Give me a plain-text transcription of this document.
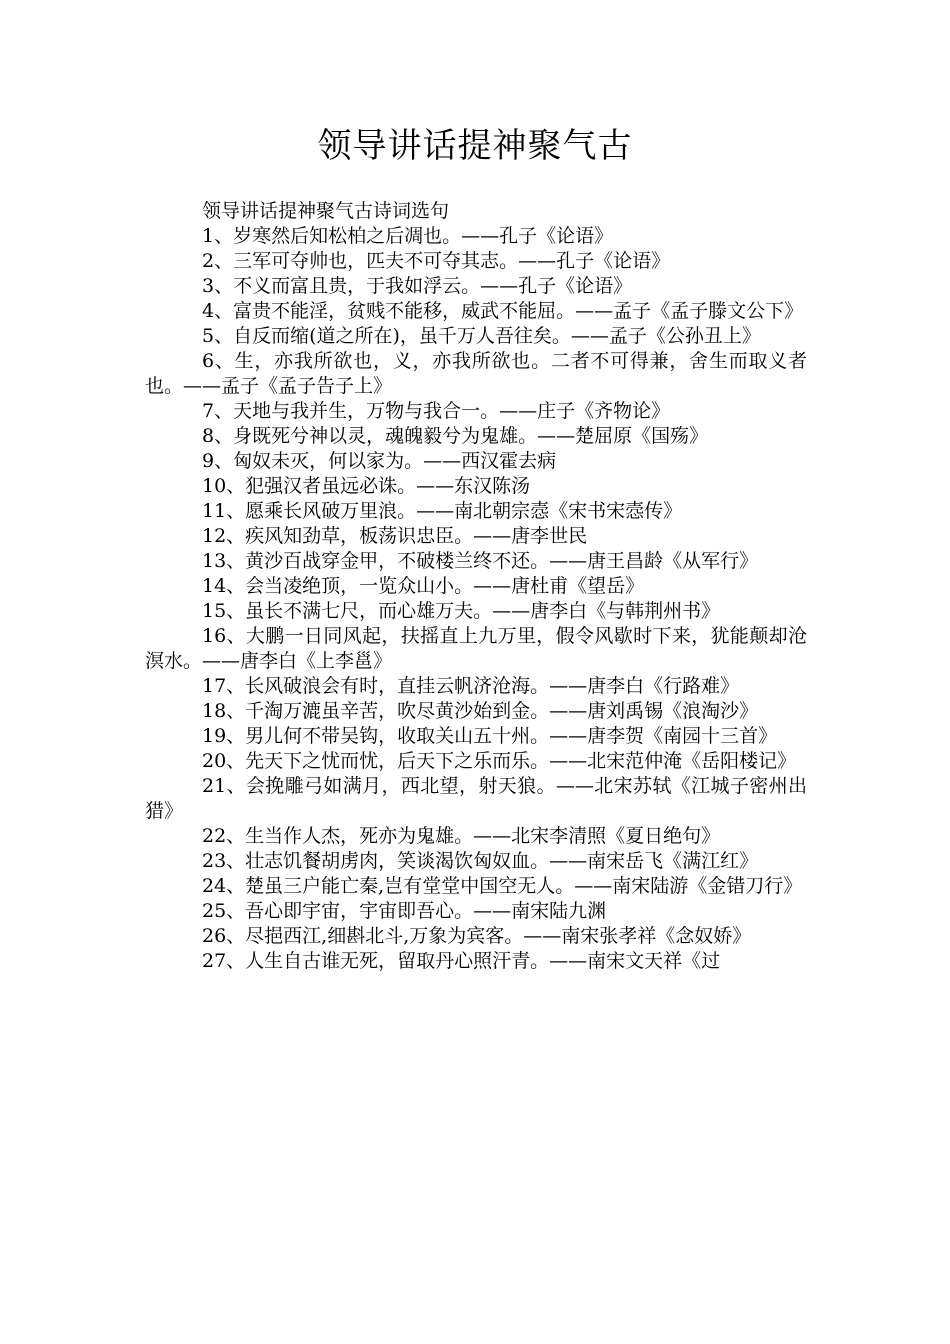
领导讲话提神聚气古

领导讲话提神聚气古诗词选句

1、岁寒然后知松柏之后凋也。——孔子《论语》

2、三军可夺帅也，匹夫不可夺其志。——孔子《论语》

3、不义而富且贵，于我如浮云。——孔子《论语》

4、富贵不能淫，贫贱不能移，威武不能屈。——孟子《孟子滕文公下》

5、自反而缩(道之所在)，虽千万人吾往矣。——孟子《公孙丑上》

6、生，亦我所欲也，义，亦我所欲也。二者不可得兼，舍生而取义者也。——孟子《孟子告子上》

7、天地与我并生，万物与我合一。——庄子《齐物论》

8、身既死兮神以灵，魂魄毅兮为鬼雄。——楚屈原《国殇》

9、匈奴未灭，何以家为。——西汉霍去病

10、犯强汉者虽远必诛。——东汉陈汤

11、愿乘长风破万里浪。——南北朝宗悫《宋书宋悫传》

12、疾风知劲草，板荡识忠臣。——唐李世民

13、黄沙百战穿金甲，不破楼兰终不还。——唐王昌龄《从军行》

14、会当凌绝顶，一览众山小。——唐杜甫《望岳》

15、虽长不满七尺，而心雄万夫。——唐李白《与韩荆州书》

16、大鹏一日同风起，扶摇直上九万里，假令风歇时下来，犹能颠却沧溟水。——唐李白《上李邕》

17、长风破浪会有时，直挂云帆济沧海。——唐李白《行路难》

18、千淘万漉虽辛苦，吹尽黄沙始到金。——唐刘禹锡《浪淘沙》

19、男儿何不带吴钩，收取关山五十州。——唐李贺《南园十三首》

20、先天下之忧而忧，后天下之乐而乐。——北宋范仲淹《岳阳楼记》

21、会挽雕弓如满月，西北望，射天狼。——北宋苏轼《江城子密州出猎》

22、生当作人杰，死亦为鬼雄。——北宋李清照《夏日绝句》

23、壮志饥餐胡虏肉，笑谈渴饮匈奴血。——南宋岳飞《满江红》

24、楚虽三户能亡秦,岂有堂堂中国空无人。——南宋陆游《金错刀行》

25、吾心即宇宙，宇宙即吾心。——南宋陆九渊

26、尽挹西江,细斟北斗,万象为宾客。——南宋张孝祥《念奴娇》

27、人生自古谁无死，留取丹心照汗青。——南宋文天祥《过
